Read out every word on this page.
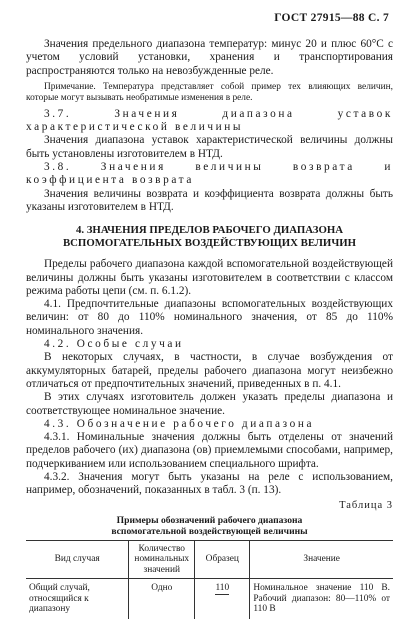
ГОСТ 27915—88 С. 7

Значения предельного диапазона температур: минус 20 и плюс 60°С с учетом условий установки, хранения и транспортирования распространяются только на невозбужденные реле.

Примечание. Температура представляет собой пример тех влияющих величин, которые могут вызывать необратимые изменения в реле.

3.7. Значения диапазона уставок характеристической величины

Значения диапазона уставок характеристической величины должны быть установлены изготовителем в НТД.

3.8. Значения величины возврата и коэффициента возврата

Значения величины возврата и коэффициента возврата должны быть указаны изготовителем в НТД.

4. ЗНАЧЕНИЯ ПРЕДЕЛОВ РАБОЧЕГО ДИАПАЗОНА

ВСПОМОГАТЕЛЬНЫХ ВОЗДЕЙСТВУЮЩИХ ВЕЛИЧИН

Пределы рабочего диапазона каждой вспомогательной воздействующей величины должны быть указаны изготовителем в соответствии с классом режима работы цепи (см. п. 6.1.2).

4.1. Предпочтительные диапазоны вспомогательных воздействующих величин: от 80 до 110% номинального значения, от 85 до 110% номинального значения.

4.2. Особые случаи

В некоторых случаях, в частности, в случае возбуждения от аккумуляторных батарей, пределы рабочего диапазона могут неизбежно отличаться от предпочтительных значений, приведенных в п. 4.1.

В этих случаях изготовитель должен указать пределы диапазона и соответствующее номинальное значение.

4.3. Обозначение рабочего диапазона

4.3.1. Номинальные значения должны быть отделены от значений пределов рабочего (их) диапазона (ов) приемлемыми способами, например, подчеркиванием или использованием специального шрифта.

4.3.2. Значения могут быть указаны на реле с использованием, например, обозначений, показанных в табл. 3 (п. 13).

Таблица 3
Примеры обозначений рабочего диапазона
вспомогательной воздействующей величины
Вид случая	Количество номинальных значений	Образец	Значение
Общий случай, относящийся к диапазону	Одно	110	Номинальное значение 110 В. Рабочий диапазон: 80—110% от 110 В
